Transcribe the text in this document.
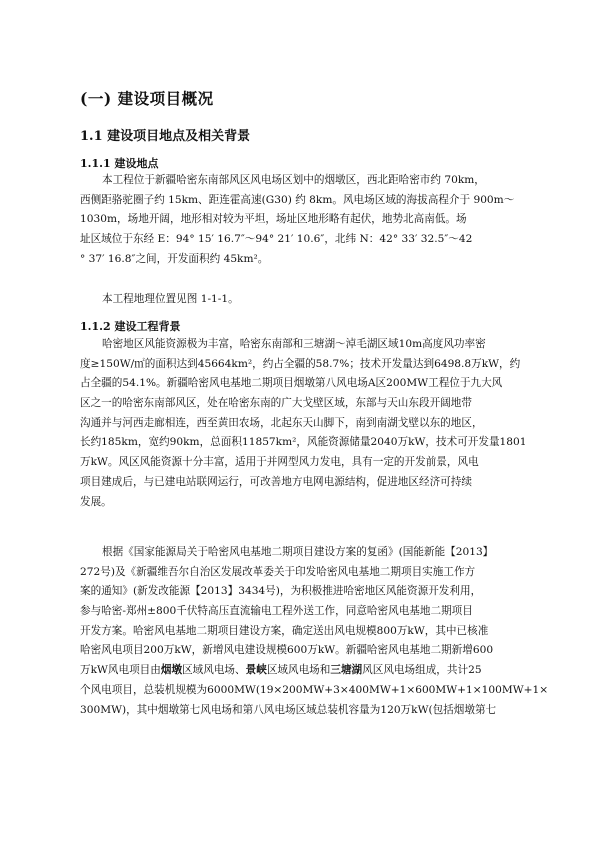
(一) 建设项目概况
1.1 建设项目地点及相关背景
1.1.1 建设地点
本工程位于新疆哈密东南部风区风电场区划中的烟墩区，西北距哈密市约 70km，
西侧距骆驼圈子约 15km、距连霍高速(G30) 约 8km。风电场区域的海拔高程介于 900m～
1030m，场地开阔，地形相对较为平坦，场址区地形略有起伏，地势北高南低。场
址区域位于东经 E：94° 15′ 16.7″～94° 21′ 10.6″，北纬 N：42° 33′ 32.5″～42
° 37′ 16.8″之间，开发面积约 45km²。
本工程地理位置见图 1-1-1。
1.1.2 建设工程背景
哈密地区风能资源极为丰富，哈密东南部和三塘湖～淖毛湖区域10m高度风功率密
度≥150W/㎡的面积达到45664km²，约占全疆的58.7%；技术开发量达到6498.8万kW，约
占全疆的54.1%。新疆哈密风电基地二期项目烟墩第八风电场A区200MW工程位于九大风
区之一的哈密东南部风区，处在哈密东南的广大戈壁区域，东部与天山东段开阔地带
沟通并与河西走廊相连，西至黄田农场，北起东天山脚下，南到南湖戈壁以东的地区，
长约185km，宽约90km，总面积11857km²，风能资源储量2040万kW，技术可开发量1801
万kW。风区风能资源十分丰富，适用于并网型风力发电，具有一定的开发前景，风电
项目建成后，与已建电站联网运行，可改善地方电网电源结构，促进地区经济可持续
发展。
根据《国家能源局关于哈密风电基地二期项目建设方案的复函》(国能新能【2013】
272号)及《新疆维吾尔自治区发展改革委关于印发哈密风电基地二期项目实施工作方
案的通知》(新发改能源【2013】3434号)，为积极推进哈密地区风能资源开发利用，
参与哈密-郑州±800千伏特高压直流输电工程外送工作，同意哈密风电基地二期项目
开发方案。哈密风电基地二期项目建设方案，确定送出风电规模800万kW，其中已核准
哈密风电项目200万kW，新增风电建设规模600万kW。新疆哈密风电基地二期新增600
万kW风电项目由烟墩区域风电场、景峡区域风电场和三塘湖风区风电场组成，共计25
个风电项目，总装机规模为6000MW(19×200MW+3×400MW+1×600MW+1×100MW+1×
300MW)，其中烟墩第七风电场和第八风电场区域总装机容量为120万kW(包括烟墩第七
